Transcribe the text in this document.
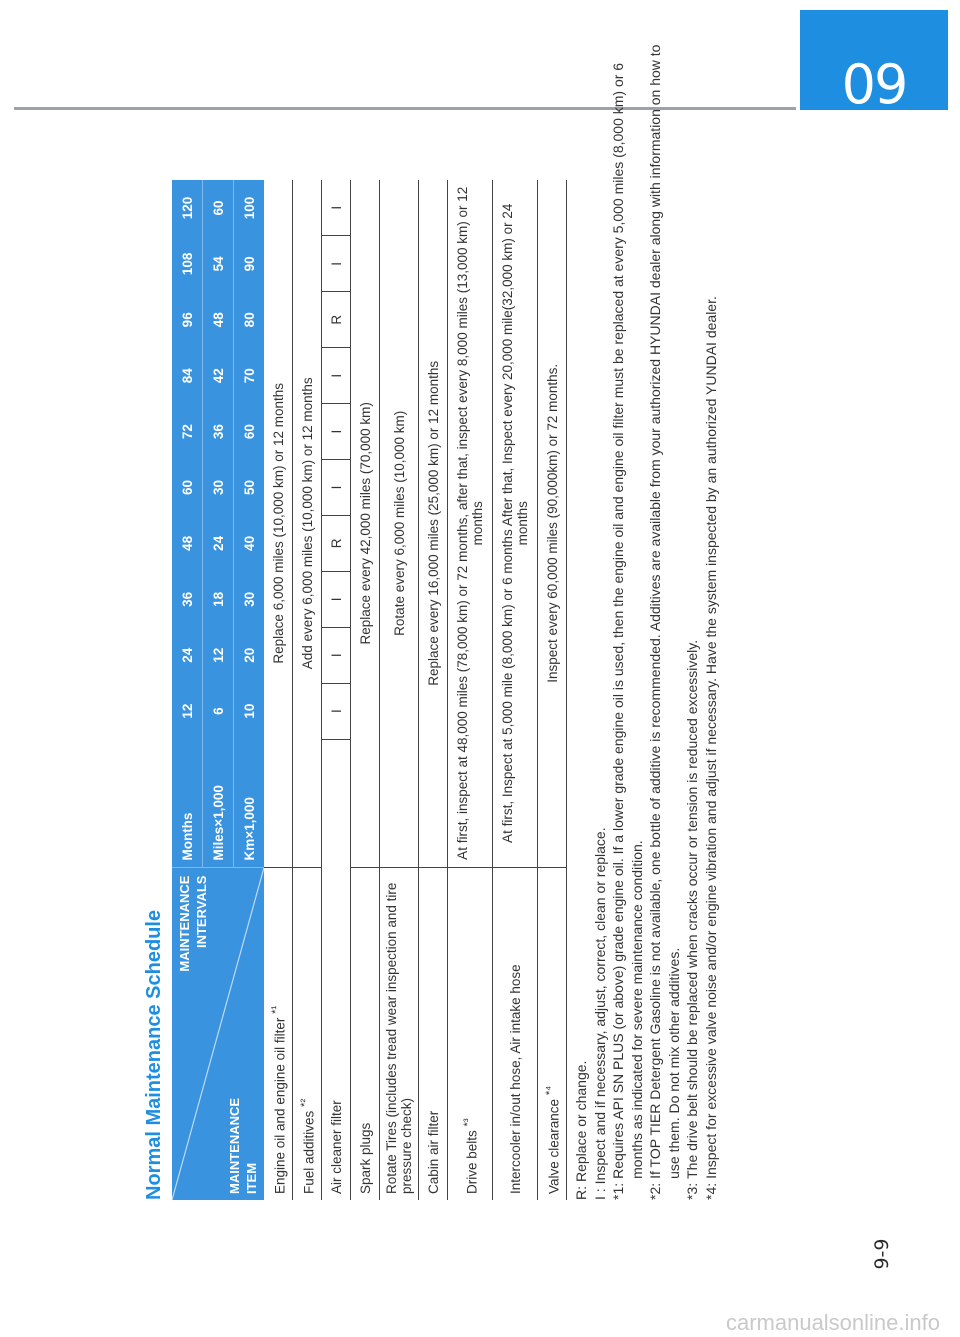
09
Normal Maintenance Schedule MAINTENANCE INTERVALS
MAINTENANCE ITEM	Months	12	24	36	48	60	72	84	96	108	120
	Miles×1,000	6	12	18	24	30	36	42	48	54	60
	Km×1,000	10	20	30	40	50	60	70	80	90	100
Engine oil and engine oil filter $^{*^1}$	Replace 6,000 miles (10,000 km) or 12 months										
Fuel additives $^{*^2}$	Add every 6,000 miles (10,000 km) or 12 months										
Air cleaner filter		I	I	I	R	I	I	I	R	I	I
Spark plugs	Replace every 42,000 miles (70,000 km)										
Rotate Tires (includes tread wear inspection and tire pressure check)	Rotate every 6,000 miles (10,000 km)										
Cabin air filter	Replace every 16,000 miles (25,000 km) or 12 months										
Drive belts $^{*^3}$	At first, inspect at 48,000 miles (78,000 km) or 72 months, after that, inspect every 8,000 miles (13,000 km) or 12 months										
Intercooler in/out hose, Air intake hose	At first, Inspect at 5,000 mile (8,000 km) or 6 months After that, Inspect every 20,000 mile(32,000 km) or 24 months										
Valve clearance $^{*^4}$	Inspect every 60,000 miles (90,000km) or 72 months.										
R:
Replace or change.
I :
Inspect and if necessary, adjust, correct, clean or replace.
*1:
Requires API SN PLUS (or above) grade engine oil. If a lower grade engine oil is used, then the engine oil and engine oil filter must be replaced at every 5,000 miles (8,000 km) or 6 months as indicated for severe maintenance condition.
*2:
If TOP TIER Detergent Gasoline is not available, one bottle of additive is recommended. Additives are available from your authorized HYUNDAI dealer along with information on how to use them. Do not mix other additives.
*3:
The drive belt should be replaced when cracks occur or tension is reduced excessively.
*4:
Inspect for excessive valve noise and/or engine vibration and adjust if necessary. Have the system inspected by an authorized YUNDAI dealer.
9-9
carmanualsonline.info
